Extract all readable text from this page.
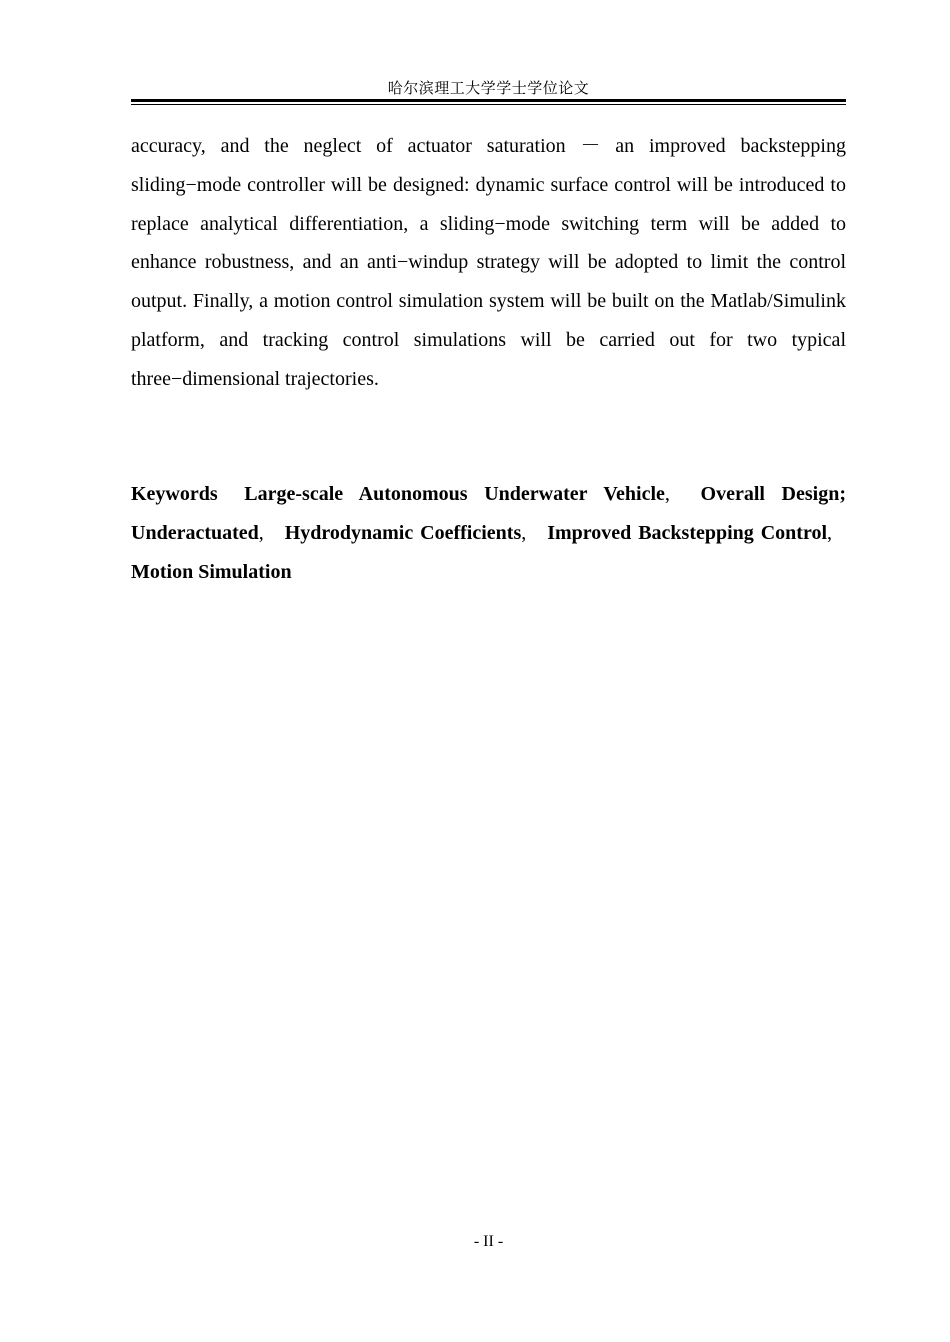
哈尔滨理工大学学士学位论文

accuracy, and the neglect of actuator saturation － an improved backstepping sliding−mode controller will be designed: dynamic surface control will be introduced to replace analytical differentiation, a sliding−mode switching term will be added to enhance robustness, and an anti−windup strategy will be adopted to limit the control output. Finally, a motion control simulation system will be built on the Matlab/Simulink platform, and tracking control simulations will be carried out for two typical three−dimensional trajectories.

Keywords Large-scale Autonomous Underwater Vehicle, Overall Design; Underactuated, Hydrodynamic Coefficients, Improved Backstepping Control, Motion Simulation

- II -
